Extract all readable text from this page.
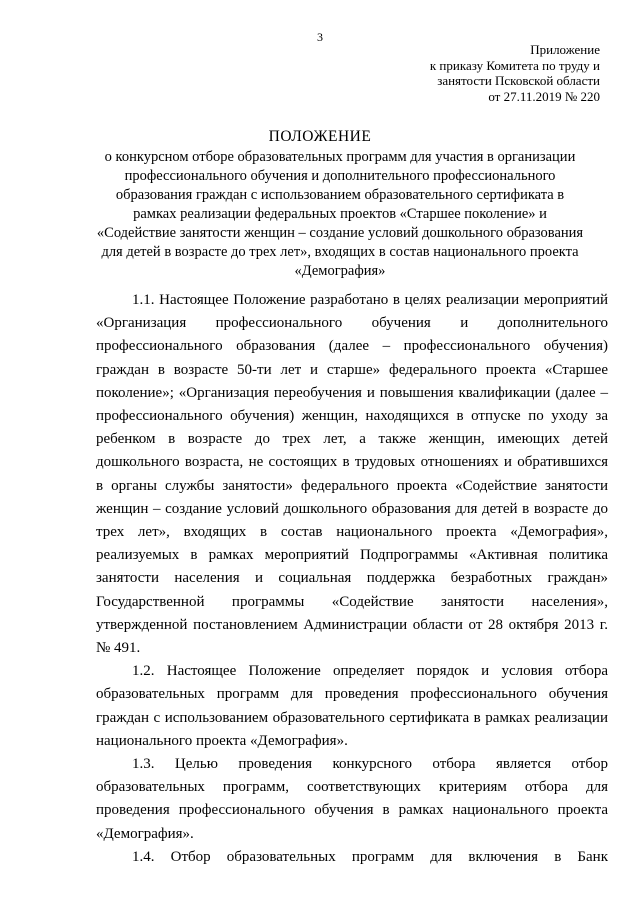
3
Приложение
к приказу Комитета по труду и
занятости Псковской области
от 27.11.2019 № 220
ПОЛОЖЕНИЕ
о конкурсном отборе образовательных программ для участия в организации
профессионального обучения и дополнительного профессионального
образования граждан с использованием образовательного сертификата в
рамках реализации федеральных проектов «Старшее поколение» и
«Содействие занятости женщин – создание условий дошкольного образования
для детей в возрасте до трех лет», входящих в состав национального проекта
«Демография»

1.1. Настоящее Положение разработано в целях реализации мероприятий
«Организация профессионального обучения и дополнительного
профессионального образования (далее – профессионального обучения)
граждан в возрасте 50-ти лет и старше» федерального проекта «Старшее
поколение»; «Организация переобучения и повышения квалификации (далее –
профессионального обучения) женщин, находящихся в отпуске по уходу за
ребенком в возрасте до трех лет, а также женщин, имеющих детей
дошкольного возраста, не состоящих в трудовых отношениях и обратившихся
в органы службы занятости» федерального проекта «Содействие занятости
женщин – создание условий дошкольного образования для детей в возрасте до
трех лет», входящих в состав национального проекта «Демография»,
реализуемых в рамках мероприятий Подпрограммы «Активная политика
занятости населения и социальная поддержка безработных граждан»
Государственной программы «Содействие занятости населения»,
утвержденной постановлением Администрации области от 28 октября 2013 г.
№ 491.

1.2. Настоящее Положение определяет порядок и условия отбора
образовательных программ для проведения профессионального обучения
граждан с использованием образовательного сертификата в рамках реализации
национального проекта «Демография».

1.3. Целью проведения конкурсного отбора является отбор
образовательных программ, соответствующих критериям отбора для
проведения профессионального обучения в рамках национального проекта
«Демография».

1.4. Отбор образовательных программ для включения в Банк
